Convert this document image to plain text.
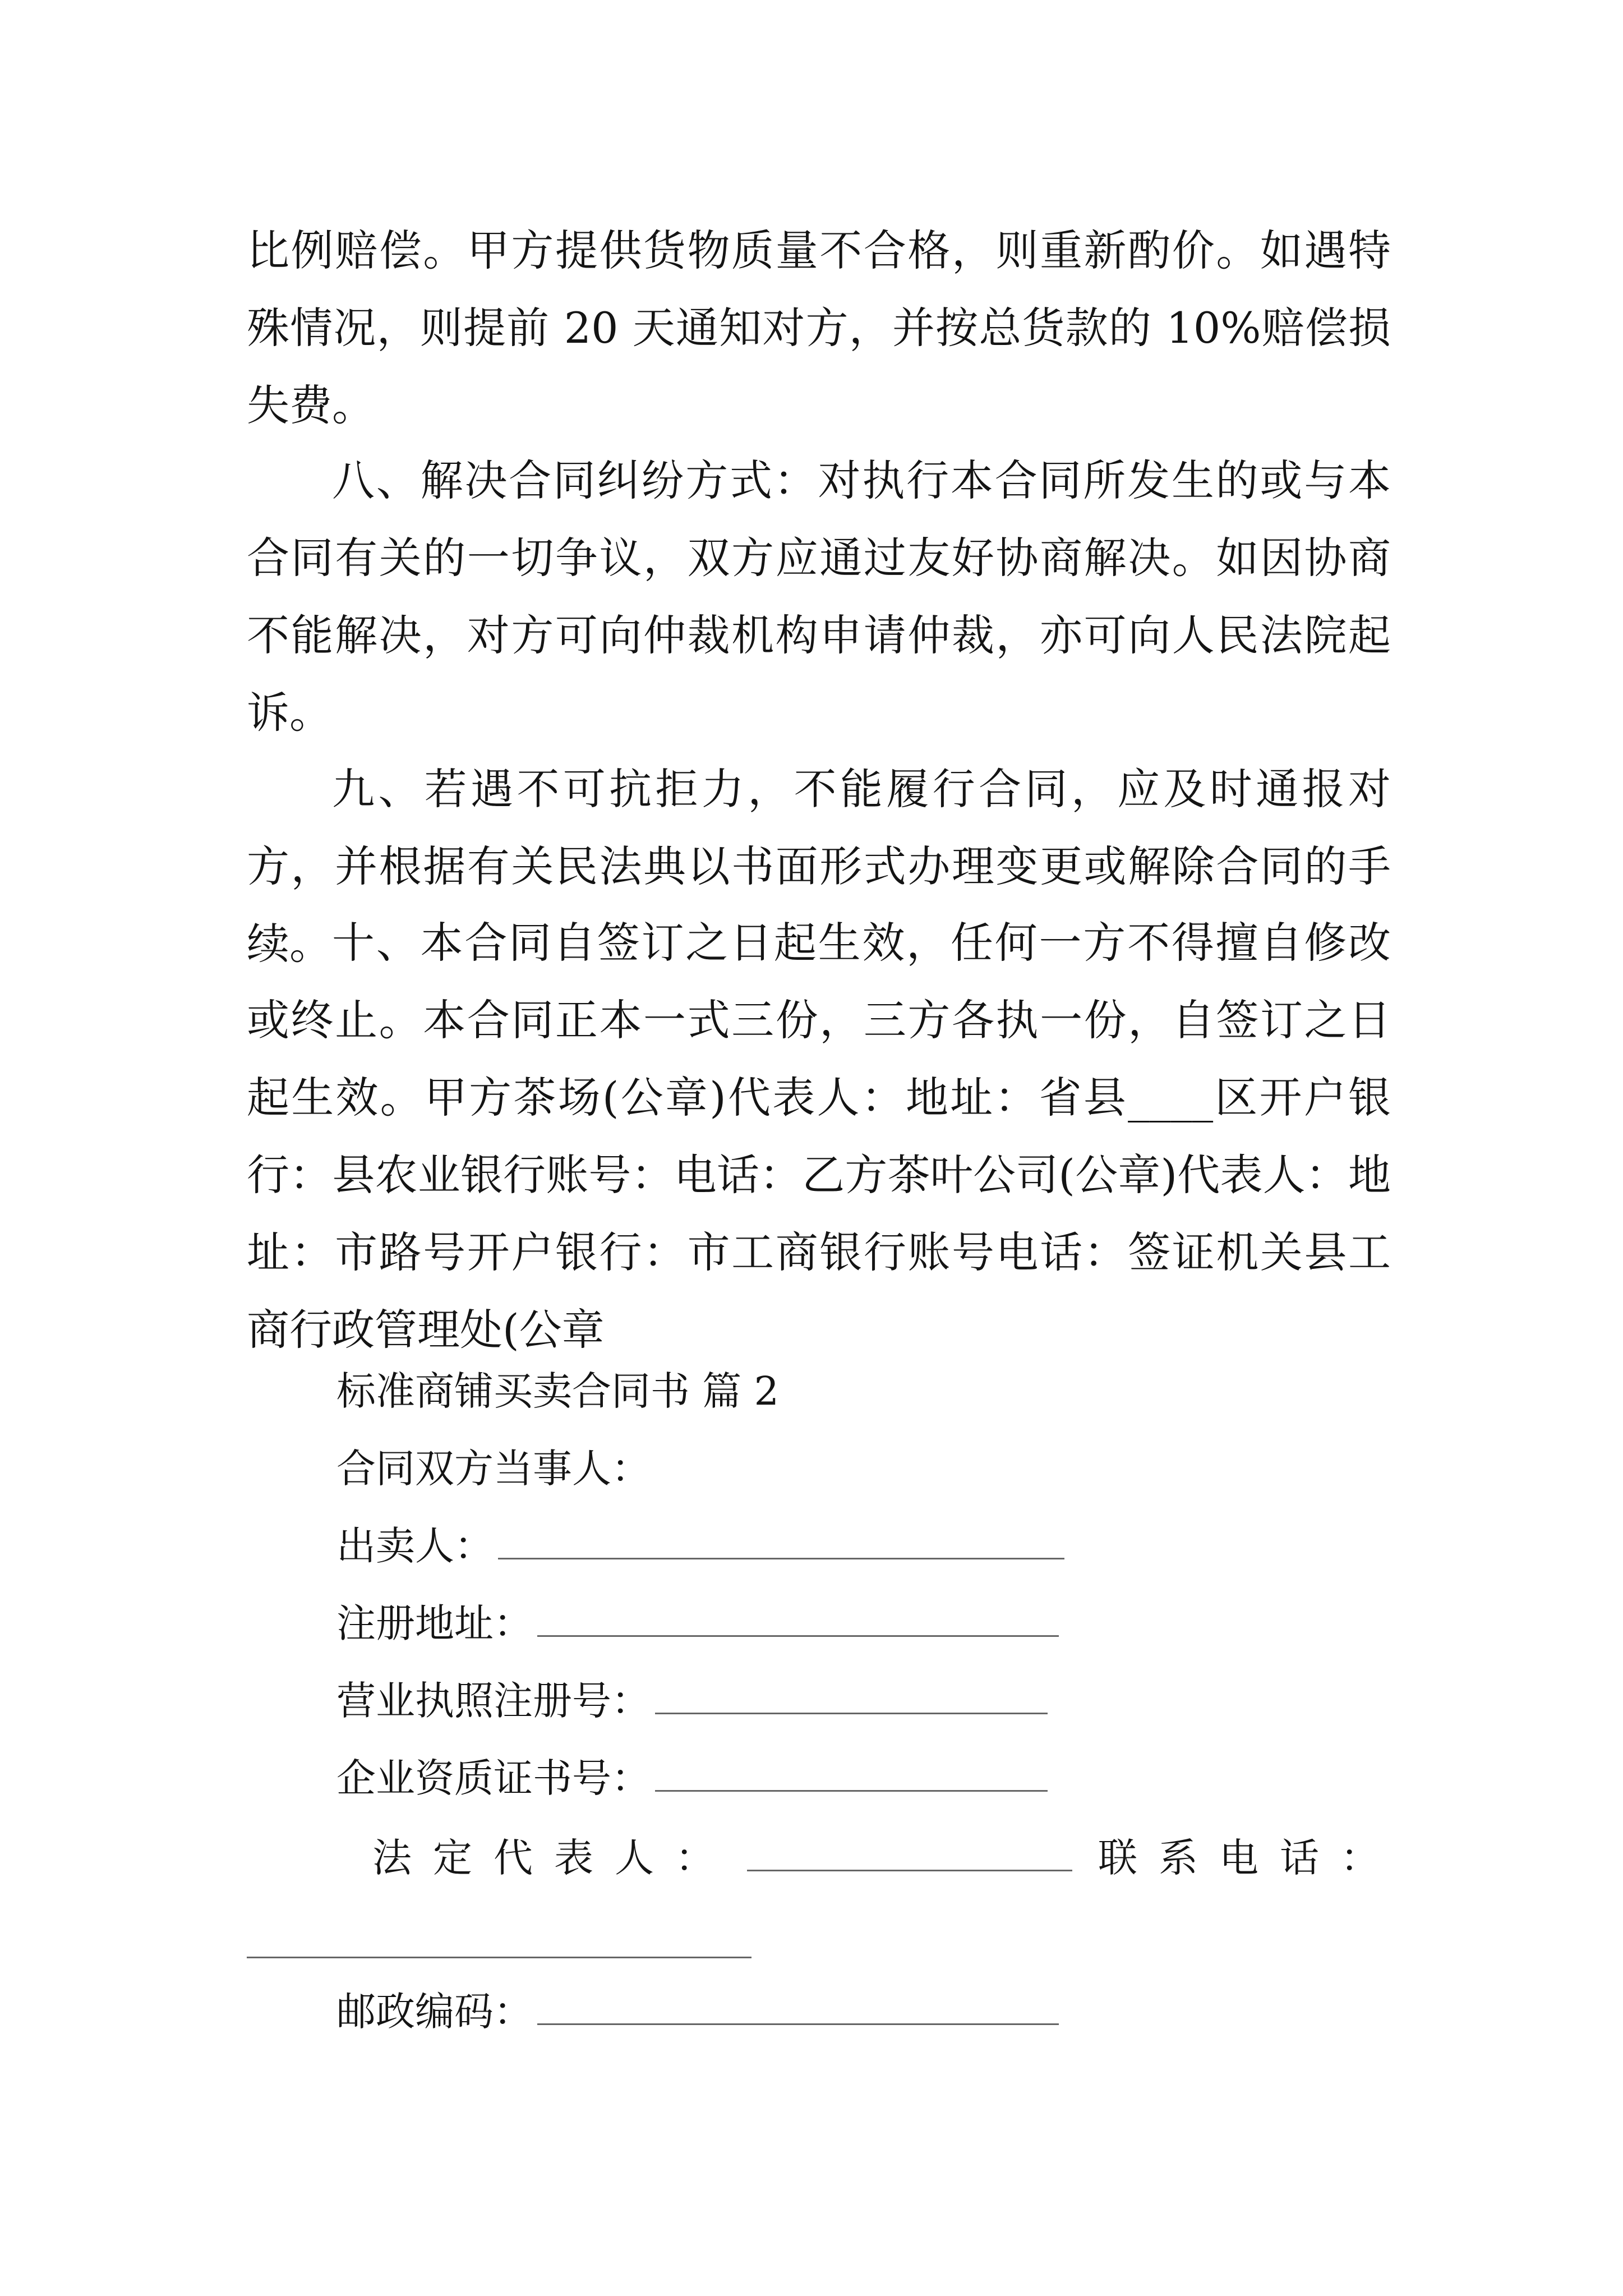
比例赔偿。甲方提供货物质量不合格，则重新酌价。如遇特殊情况，则提前 20 天通知对方，并按总货款的 10%赔偿损失费。

八、解决合同纠纷方式：对执行本合同所发生的或与本合同有关的一切争议，双方应通过友好协商解决。如因协商不能解决，对方可向仲裁机构申请仲裁，亦可向人民法院起诉。

九、若遇不可抗拒力，不能履行合同，应及时通报对方，并根据有关民法典以书面形式办理变更或解除合同的手续。 十、本合同自签订之日起生效，任何一方不得擅自修改或终止。本合同正本一式三份，三方各执一份，自签订之日起生效。甲方茶场(公章)代表人：地址：省县____区开户银行：县农业银行账号：电话：乙方茶叶公司(公章)代表人：地址：市路号开户银行：市工商银行账号电话：签证机关县工商行政管理处(公章

标准商铺买卖合同书 篇 2
合同双方当事人：
出卖人：
注册地址：
营业执照注册号：
企业资质证书号：
法定代表人：	联系电话：
邮政编码：
